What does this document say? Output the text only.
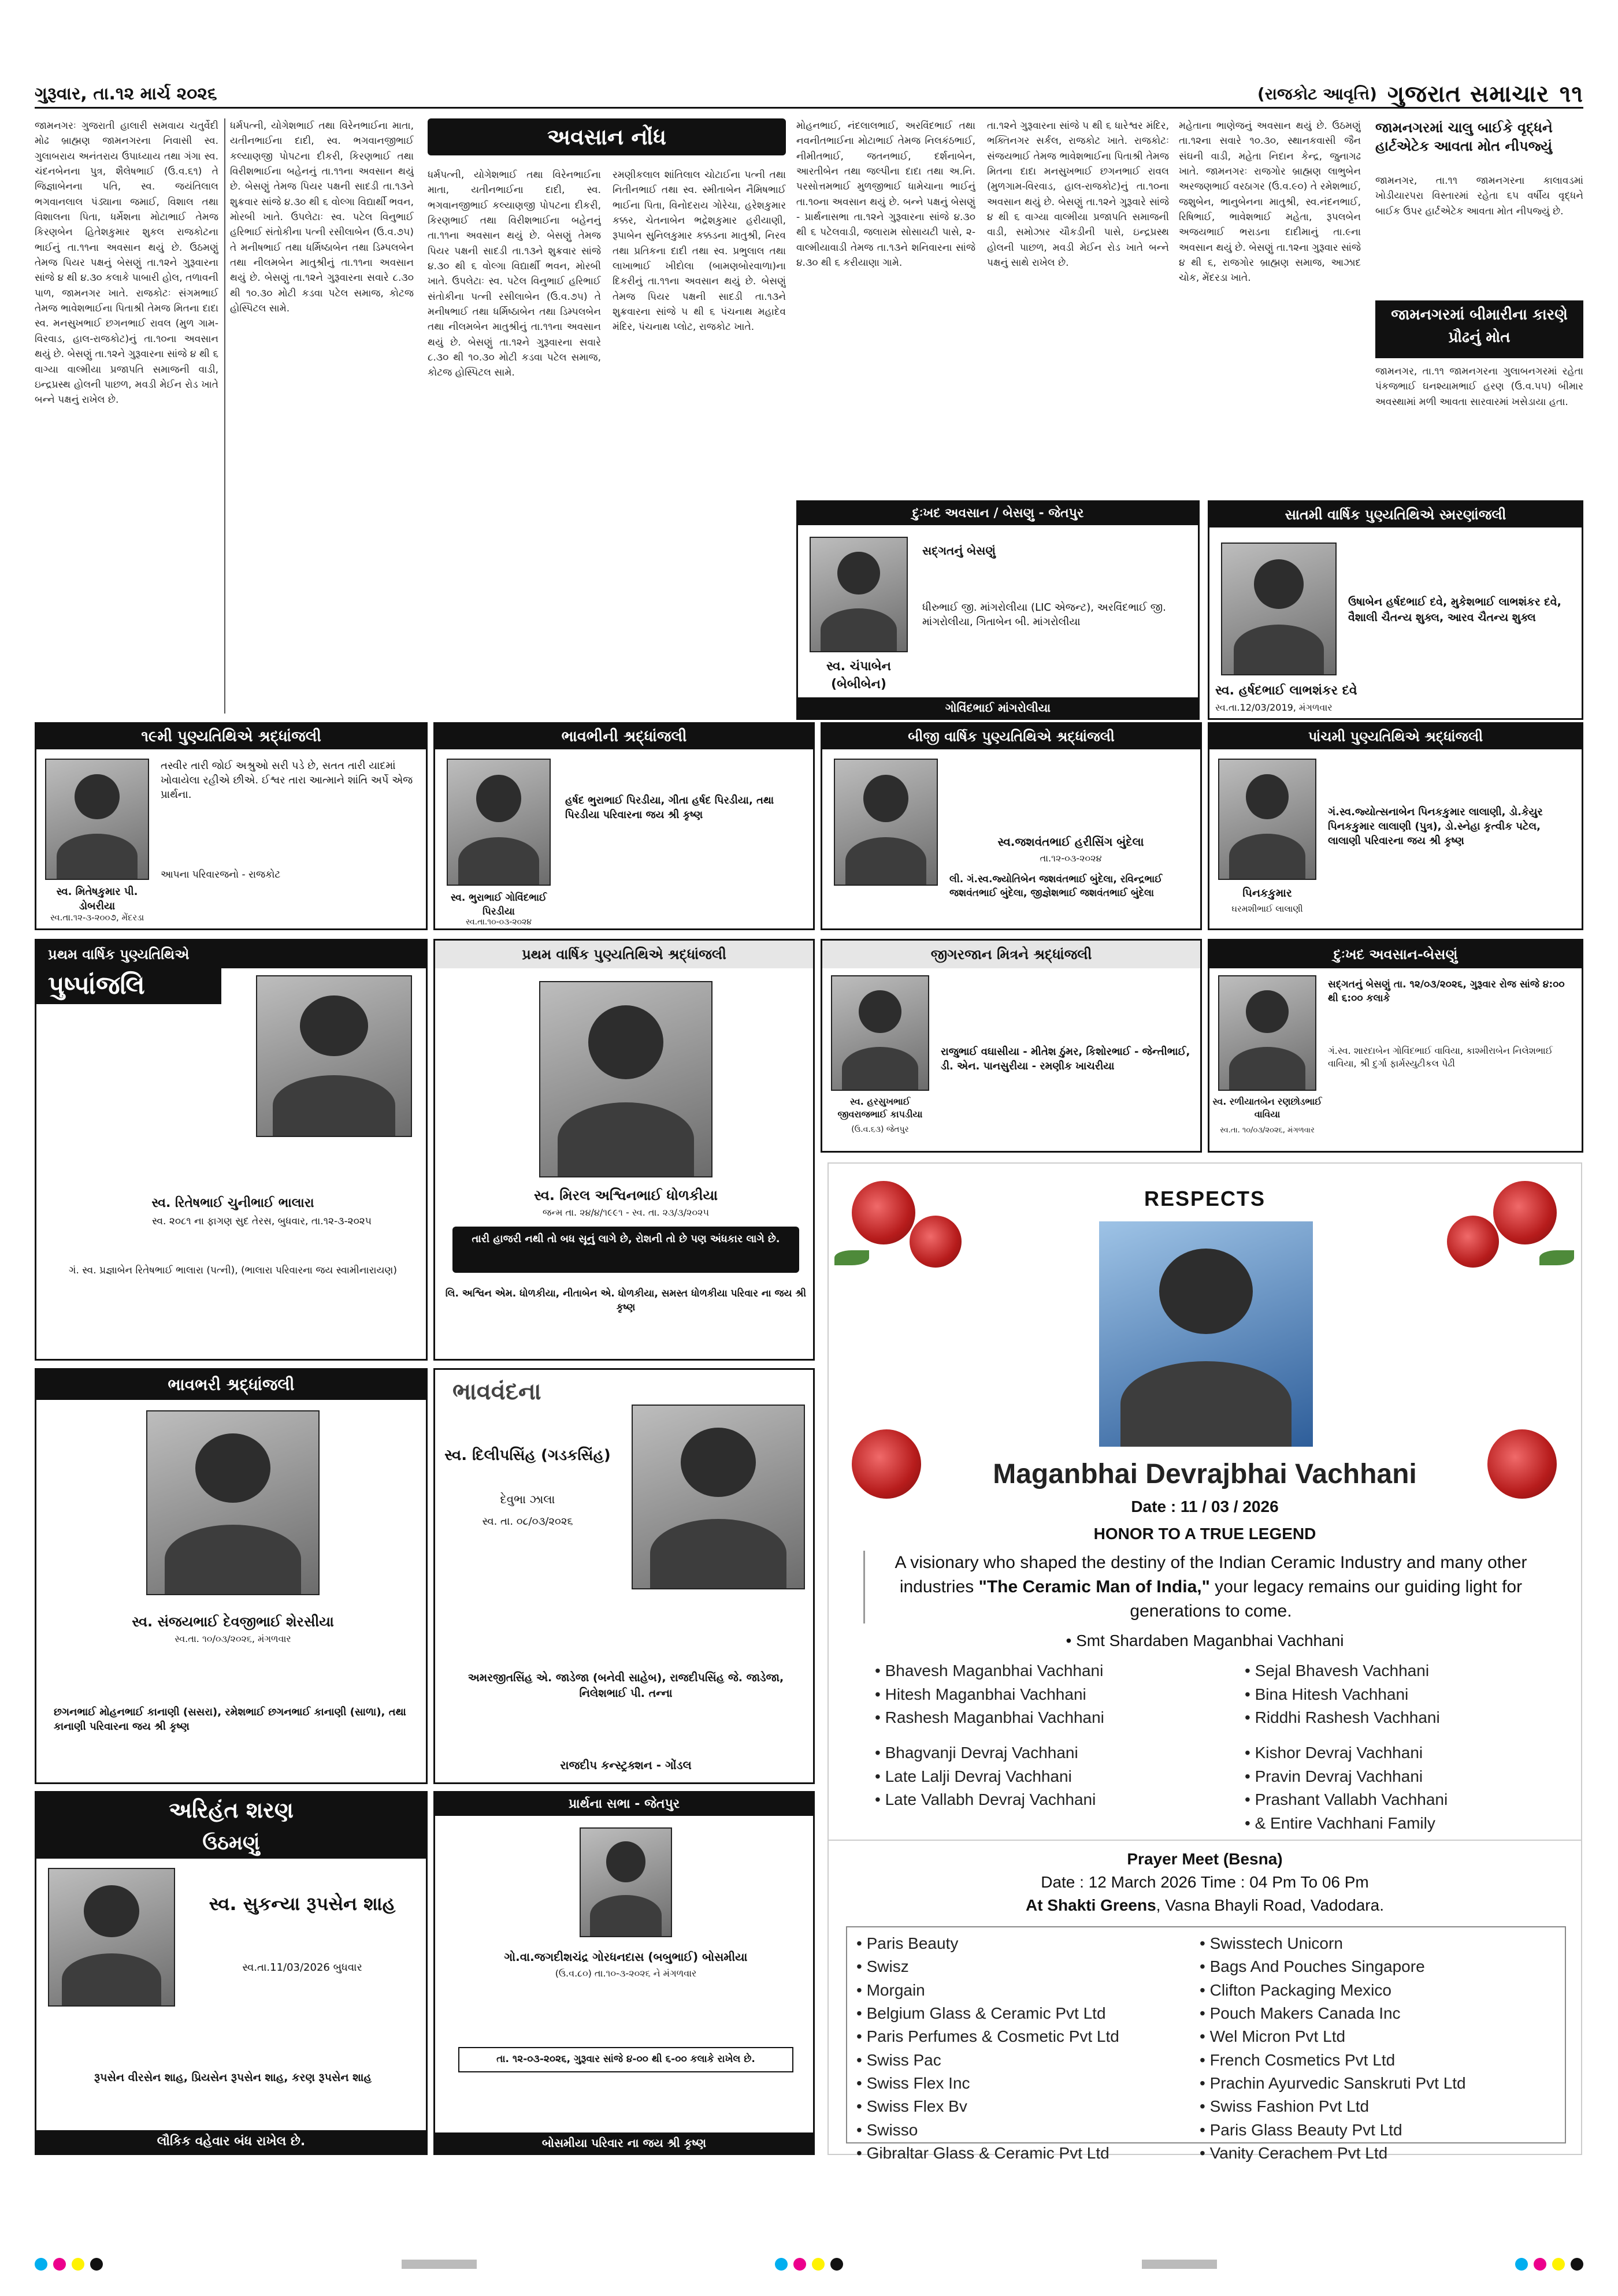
ગુરૂવાર, તા.૧૨ માર્ચ ૨૦૨૬	(રાજકોટ આવૃત્તિ) ગુજરાત સમાચાર ૧૧

જામનગરઃ ગુજરાતી હાલારી સમવાય ચતુર્વેદી મોઢ બ્રાહ્મણ જામનગરના નિવાસી સ્વ. ગુલાબરાય અનંતરાય ઉપાધ્યાય તથા ગંગા સ્વ. ચંદનબેનના પુત્ર, શૈલેષભાઈ (ઉ.વ.૬૧) તે જિજ્ઞાબેનના પતિ, સ્વ. જયંતિલાલ ભગવાનલાલ પંડ્યાના જમાઈ, વિશાલ તથા વિશાલના પિતા, ધર્મેશના મોટાભાઈ તેમજ કિરણબેન હિતેશકુમાર શુકલ રાજકોટના ભાઈનું તા.૧૧ના અવસાન થયું છે. ઉઠમણું તેમજ પિયર પક્ષનું બેસણું તા.૧૨ને ગુરૂવારના સાંજે ૪ થી ૪.૩૦ કલાકે પાબારી હોલ, તળાવની પાળ, જામનગર ખાતે. રાજકોટઃ સંગમભાઈ તેમજ ભાવેશભાઈના પિતાશ્રી તેમજ મિતના દાદા સ્વ. મનસુખભાઈ છગનભાઈ રાવલ (મુળ ગામ-વિરવાડ, હાલ-રાજકોટ)નું તા.૧૦ના અવસાન થયું છે. બેસણું તા.૧૨ને ગુરૂવારના સાંજે ૪ થી ૬ વાગ્યા વાલ્મીયા પ્રજાપતિ સમાજની વાડી, ઇન્દ્રપ્રસ્થ હોલની પાછળ, મવડી મેઈન રોડ ખાતે બન્ને પક્ષનું રાખેલ છે.

ધર્મપત્ની, યોગેશભાઈ તથા વિરેનભાઈના માતા, યતીનભાઈના દાદી, સ્વ. ભગવાનજીભાઈ કલ્યાણજી પોપટના દીકરી, કિરણભાઈ તથા વિરીશભાઈના બહેનનું તા.૧૧ના અવસાન થયું છે. બેસણું તેમજ પિયર પક્ષની સાદડી તા.૧૩ને શુક્રવાર સાંજે ૪.૩૦ થી ૬ વોલ્ગા વિદ્યાર્થી ભવન, મોરબી ખાતે. ઉપલેટાઃ સ્વ. પટેલ વિનુભાઈ હરિભાઈ સંતોકીના પત્ની રસીલાબેન (ઉ.વ.૭૫) તે મનીષભાઈ તથા ધર્મિષ્ઠાબેન તથા ડિમ્પલબેન તથા નીલમબેન માતુશ્રીનું તા.૧૧ના અવસાન થયું છે. બેસણું તા.૧૨ને ગુરૂવારના સવારે ૮.૩૦ થી ૧૦.૩૦ મોટી કડવા પટેલ સમાજ, કોટજ હોસ્પિટલ સામે.

અવસાન નોંધ

ધર્મપત્ની, યોગેશભાઈ તથા વિરેનભાઈના માતા, યતીનભાઈના દાદી, સ્વ. ભગવાનજીભાઈ કલ્યાણજી પોપટના દીકરી, કિરણભાઈ તથા વિરીશભાઈના બહેનનું તા.૧૧ના અવસાન થયું છે. બેસણું તેમજ પિયર પક્ષની સાદડી તા.૧૩ને શુક્રવાર સાંજે ૪.૩૦ થી ૬ વોલ્ગા વિદ્યાર્થી ભવન, મોરબી ખાતે. ઉપલેટાઃ સ્વ. પટેલ વિનુભાઈ હરિભાઈ સંતોકીના પત્ની રસીલાબેન (ઉ.વ.૭૫) તે મનીષભાઈ તથા ધર્મિષ્ઠાબેન તથા ડિમ્પલબેન તથા નીલમબેન માતુશ્રીનું તા.૧૧ના અવસાન થયું છે. બેસણું તા.૧૨ને ગુરૂવારના સવારે ૮.૩૦ થી ૧૦.૩૦ મોટી કડવા પટેલ સમાજ, કોટજ હોસ્પિટલ સામે.

રમણીકલાલ શાંતિલાલ ચોટાઈના પત્ની તથા નિતીનભાઈ તથા સ્વ. સ્મીતાબેન નૈમિષભાઈ ભાઈના પિતા, વિનોદરાય ગોરેચા, હરેશકુમાર કક્કર, ચેતનાબેન ભદ્રેશકુમાર હરીયાણી, રૂપાબેન સુનિલકુમાર કક્કડના માતુશ્રી, નિરવ તથા પ્રતિકના દાદી તથા સ્વ. પ્રભુલાલ તથા લાખાભાઈ ખીદોલા (બામણબોરવાળા)ના દિકરીનું તા.૧૧ના અવસાન થયું છે. બેસણું તેમજ પિયર પક્ષની સાદડી તા.૧૩ને શુક્રવારના સાંજે ૫ થી ૬ પંચનાથ મહાદેવ મંદિર, પંચનાથ પ્લોટ, રાજકોટ ખાતે.

મોહનભાઈ, નંદલાલભાઈ, અરવિંદભાઈ તથા નવનીતભાઈના મોટાભાઈ તેમજ નિલકંઠભાઈ, નીમીતભાઈ, જતનભાઈ, દર્શનાબેન, આરતીબેન તથા જલ્પીના દાદા તથા અ.નિ. પરસોત્તમભાઈ મુળજીભાઈ ધામેચાના ભાઈનું તા.૧૦ના અવસાન થયું છે. બન્ને પક્ષનું બેસણું - પ્રાર્થનાસભા તા.૧૨ને ગુરૂવારના સાંજે ૪.૩૦ થી ૬ પટેલવાડી, જલારામ સોસાયટી પાસે, ૨-વાલ્મીયાવાડી તેમજ તા.૧૩ને શનિવારના સાંજે ૪.૩૦ થી ૬ કરીયાણા ગામે.

તા.૧૨ને ગુરૂવારના સાંજે ૫ થી ૬ ધારેશ્વર મંદિર, ભક્તિનગર સર્કલ, રાજકોટ ખાતે. રાજકોટઃ સંજયભાઈ તેમજ ભાવેશભાઈના પિતાશ્રી તેમજ મિતના દાદા મનસુખભાઈ છગનભાઈ રાવલ (મુળગામ-વિરવાડ, હાલ-રાજકોટ)નું તા.૧૦ના અવસાન થયું છે. બેસણું તા.૧૨ને ગુરૂવારે સાંજે ૪ થી ૬ વાગ્યા વાલ્મીયા પ્રજાપતિ સમાજની વાડી, સમોઝાર ચૌકડીની પાસે, ઇન્દ્રપ્રસ્થ હોલની પાછળ, મવડી મેઈન રોડ ખાતે બન્ને પક્ષનું સાથે રાખેલ છે.

મહેતાના ભાણેજનું અવસાન થયું છે. ઉઠમણું તા.૧૨ના સવારે ૧૦.૩૦, સ્થાનકવાસી જૈન સંઘની વાડી, મહેતા નિદાન કેન્દ્ર, જુનાગઢ ખાતે. જામનગરઃ રાજગોર બ્રાહ્મણ લાભુબેન અરજણભાઈ વરઠાગર (ઉ.વ.૯૦) તે રમેશભાઈ, જશુબેન, ભાનુબેનના માતુશ્રી, સ્વ.નંદનભાઈ, રિષિભાઈ, ભાવેશભાઈ મહેતા, રૂપલબેન અજયભાઈ ભરાડના દાદીમાનું તા.૯ના અવસાન થયું છે. બેસણું તા.૧૨ના ગુરૂવાર સાંજે ૪ થી ૬, રાજગોર બ્રાહ્મણ સમાજ, આઝાદ ચોક, મેંદરડા ખાતે.

જામનગરમાં ચાલુ બાઈકે વૃદ્ધને હાર્ટએટેક આવતા મોત નીપજ્યું

જામનગર, તા.૧૧ જામનગરના કાલાવડમાં ખોડીયારપરા વિસ્તારમાં રહેતા ૬૫ વર્ષીય વૃદ્ધને બાઈક ઉપર હાર્ટએટેક આવતા મોત નીપજ્યું છે.

જામનગરમાં બીમારીના કારણે પ્રૌઢનું મોત

જામનગર, તા.૧૧ જામનગરના ગુલાબનગરમાં રહેતા પંકજભાઈ ઘનશ્યામભાઈ હરણ (ઉ.વ.૫૫) બીમાર અવસ્થામાં મળી આવતા સારવારમાં ખસેડાયા હતા.

દુઃખદ અવસાન / બેસણુ - જેતપુર
સ્વ. ચંપાબેન (બેબીબેન)
સદ્‌ગતનું બેસણું
ધીરુભાઈ જી. માંગરોલીયા (LIC એજન્ટ), અરવિંદભાઈ જી. માંગરોલીયા, ગિતાબેન બી. માંગરોલીયા
ગોવિંદભાઈ માંગરોલીયા
સાતમી વાર્ષિક પુણ્યતિથિએ સ્મરણાંજલી
ઉષાબેન હર્ષદભાઈ દવે, મુકેશભાઈ લાભશંકર દવે, વૈશાલી ચૈતન્ય શુક્લ, આરવ ચૈતન્ય શુક્લ
સ્વ. હર્ષદભાઈ લાભશંકર દવે
સ્વ.તા.12/03/2019, મંગળવાર
૧૯મી પુણ્યતિથિએ શ્રદ્ધાંજલી
સ્વ. મિતેષકુમાર પી. ડોબરીયા
સ્વ.તા.૧૨-૩-૨૦૦૭, મેંદરડા
તસ્વીર તારી જોઈ અશ્રુઓ સરી પડે છે, સતત તારી યાદમાં ખોવાયેલા રહીએ છીએ. ઈશ્વર તારા આત્માને શાંતિ અર્પે એજ પ્રાર્થના.
આપના પરિવારજનો - રાજકોટ
ભાવભીની શ્રદ્ધાંજલી
સ્વ. ભુરાભાઈ ગોવિંદભાઈ પિરડીયા
સ્વ.તા.૧૦-૦૩-૨૦૨૪
હર્ષદ ભુરાભાઈ પિરડીયા, ગીતા હર્ષદ પિરડીયા, તથા પિરડીયા પરિવારના જય શ્રી કૃષ્ણ
બીજી વાર્ષિક પુણ્યતિથિએ શ્રદ્ધાંજલી
સ્વ.જશવંતભાઈ હરીસિંગ બુંદેલા
તા.૧૨-૦૩-૨૦૨૪
લી. ગં.સ્વ.જ્યોતિબેન જશવંતભાઈ બુંદેલા, રવિન્દ્રભાઈ જશવંતભાઈ બુંદેલા, જીજ્ઞેશભાઈ જશવંતભાઈ બુંદેલા
પાંચમી પુણ્યતિથિએ શ્રદ્ધાંજલી
પિનકકુમાર
ઘરમશીભાઈ લાલાણી
ગં.સ્વ.જ્યોત્સનાબેન પિનકકુમાર લાલાણી, ડો.કેયુર પિનકકુમાર લાલાણી (પુત્ર), ડો.સ્નેહા કૃત્વીક પટેલ, લાલાણી પરિવારના જય શ્રી કૃષ્ણ
પ્રથમ વાર્ષિક પુણ્યતિથિએ
પુષ્પાંજલિ
સ્વ. રિતેષભાઈ ચુનીભાઈ ભાલારા
સ્વ. ૨૦૮૧ ના ફાગણ સુદ તેરસ, બુધવાર, તા.૧૨-૩-૨૦૨૫
ગં. સ્વ. પ્રજ્ઞાબેન રિતેષભાઈ ભાલારા (પત્ની), (ભાલારા પરિવારના જય સ્વામીનારાયણ)
પ્રથમ વાર્ષિક પુણ્યતિથિએ શ્રદ્ધાંજલી
સ્વ. મિરલ અશ્વિનભાઈ ધોળકીયા
જન્મ તા. ૨૪/૪/૧૯૯૧ - સ્વ. તા. ૨૩/૩/૨૦૨૫
તારી હાજરી નથી તો બધ સૂનું લાગે છે, રોશની તો છે પણ અંધકાર લાગે છે.
લિ. અશ્વિન એમ. ધોળકીયા, નીતાબેન એ. ધોળકીયા, સમસ્ત ધોળકીયા પરિવાર ના જય શ્રી કૃષ્ણ
જીગરજાન મિત્રને શ્રદ્ધાંજલી
સ્વ. હરસુખભાઈ જીવરાજભાઈ કાપડીયા
(ઉ.વ.૬૩) જેતપુર
રાજુભાઈ વઘાસીયા - મીતેશ ઠુંમર, કિશોરભાઈ - જેન્તીભાઈ, ડી. એન. પાનસુરીયા - રમણીક ખાચરીયા
દુઃખદ અવસાન-બેસણું
સ્વ. રળીયાતબેન રણછોડભાઈ વાવિયા
સ્વ.તા. ૧૦/૦૩/૨૦૨૬, મંગળવાર
સદ્‌ગતનું બેસણું તા. ૧૨/૦૩/૨૦૨૬, ગુરૂવાર રોજ સાંજે ૪:૦૦ થી ૬:૦૦ કલાકે
ગં.સ્વ. શારદાબેન ગોવિંદભાઈ વાવિયા, કાશ્મીરાબેન નિલેશભાઈ વાવિયા, શ્રી દુર્ગા ફાર્મસ્યુટીકલ પેઢી
ભાવભરી શ્રદ્ધાંજલી
સ્વ. સંજયભાઈ દેવજીભાઈ શેરસીયા
સ્વ.તા. ૧૦/૦૩/૨૦૨૬, મંગળવાર
છગનભાઈ મોહનભાઈ કાનાણી (સસરા), રમેશભાઈ છગનભાઈ કાનાણી (સાળા), તથા કાનાણી પરિવારના જય શ્રી કૃષ્ણ
ભાવવંદના
સ્વ. દિલીપસિંહ (ગડકસિંહ)
દેવુભા ઝાલા
સ્વ. તા. ૦૮/૦૩/૨૦૨૬
અમરજીતસિંહ એ. જાડેજા (બનેવી સાહેબ), રાજદીપસિંહ જે. જાડેજા, નિલેશભાઈ પી. તન્ના
રાજદીપ કન્સ્ટ્રક્શન - ગોંડલ
અરિહંત શરણ
ઉઠમણું
સ્વ. સુકન્યા રૂપસેન શાહ
સ્વ.તા.11/03/2026 બુધવાર
રૂપસેન વીરસેન શાહ, પ્રિયસેન રૂપસેન શાહ, કરણ રૂપસેન શાહ
લૌકિક વહેવાર બંધ રાખેલ છે.
પ્રાર્થના સભા - જેતપુર
ગો.વા.જગદીશચંદ્ર ગોરધનદાસ (બબુભાઈ) બોસમીયા
(ઉ.વ.૮૦) તા.૧૦-૩-૨૦૨૬ ને મંગળવાર
તા. ૧૨-૦૩-૨૦૨૬, ગુરૂવાર સાંજે ૪-૦૦ થી ૬-૦૦ કલાકે રાખેલ છે.
બોસમીયા પરિવાર ના જય શ્રી કૃષ્ણ
RESPECTS
Maganbhai Devrajbhai Vachhani
Date : 11 / 03 / 2026
HONOR TO A TRUE LEGEND
A visionary who shaped the destiny of the Indian Ceramic Industry and many other industries "The Ceramic Man of India," your legacy remains our guiding light for generations to come.
• Smt Shardaben Maganbhai Vachhani
• Bhavesh Maganbhai Vachhani
• Hitesh Maganbhai Vachhani
• Rashesh Maganbhai Vachhani
• Sejal Bhavesh Vachhani
• Bina Hitesh Vachhani
• Riddhi Rashesh Vachhani
• Bhagvanji Devraj Vachhani
• Late Lalji Devraj Vachhani
• Late Vallabh Devraj Vachhani
• Kishor Devraj Vachhani
• Pravin Devraj Vachhani
• Prashant Vallabh Vachhani
• & Entire Vachhani Family
Prayer Meet (Besna)
Date : 12 March 2026 Time : 04 Pm To 06 Pm
At Shakti Greens, Vasna Bhayli Road, Vadodara.
• Paris Beauty
• Swisz
• Morgain
• Belgium Glass & Ceramic Pvt Ltd
• Paris Perfumes & Cosmetic Pvt Ltd
• Swiss Pac
• Swiss Flex Inc
• Swiss Flex Bv
• Swisso
• Gibraltar Glass & Ceramic Pvt Ltd
• Swisstech Unicorn
• Bags And Pouches Singapore
• Clifton Packaging Mexico
• Pouch Makers Canada Inc
• Wel Micron Pvt Ltd
• French Cosmetics Pvt Ltd
• Prachin Ayurvedic Sanskruti Pvt Ltd
• Swiss Fashion Pvt Ltd
• Paris Glass Beauty Pvt Ltd
• Vanity Cerachem Pvt Ltd
